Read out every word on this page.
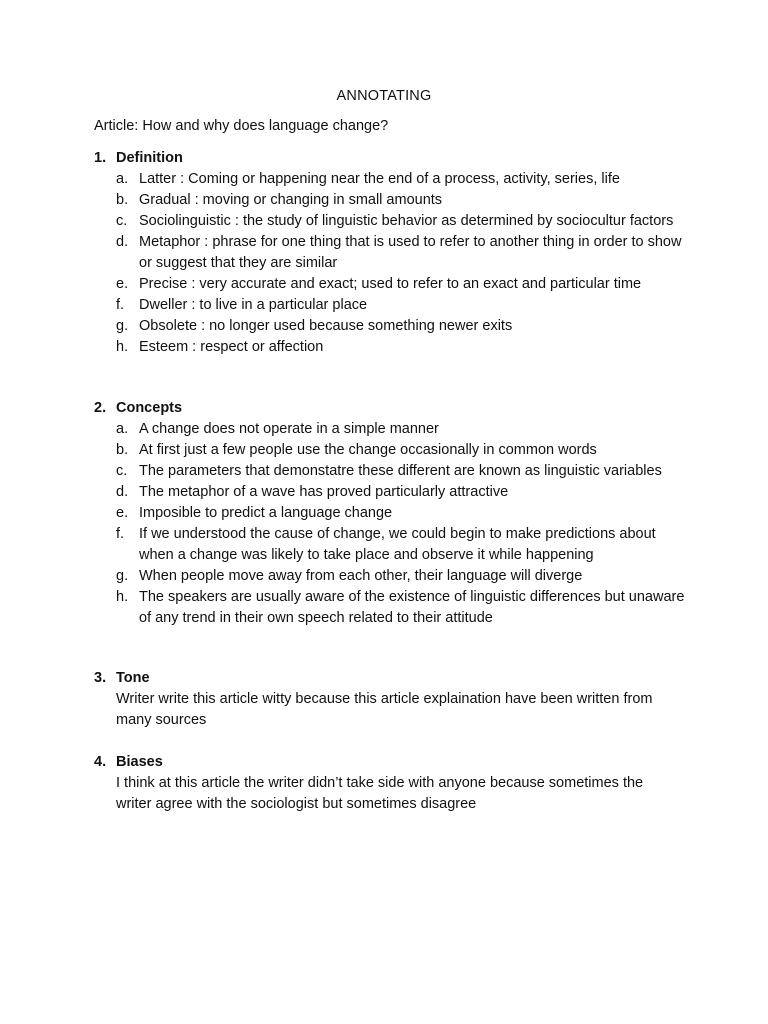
ANNOTATING
Article: How and why does language change?
1. Definition
a. Latter : Coming or happening near the end of a process, activity, series, life
b. Gradual : moving or changing in small amounts
c. Sociolinguistic : the study of linguistic behavior as determined by sociocultur factors
d. Metaphor : phrase for one thing that is used to refer to another thing in order to show or suggest that they are similar
e. Precise : very accurate and exact; used to refer to an exact and particular time
f. Dweller : to live in a particular place
g. Obsolete : no longer used because something newer exits
h. Esteem : respect or affection
2. Concepts
a. A change does not operate in a simple manner
b. At first just a few people use the change occasionally in common words
c. The parameters that demonstatre these different are known as linguistic variables
d. The metaphor of a wave has proved particularly attractive
e. Imposible to predict a language change
f. If we understood the cause of change, we could begin to make predictions about when a change was likely to take place and observe it while happening
g. When people move away from each other, their language will diverge
h. The speakers are usually aware of the existence of linguistic differences but unaware of any trend in their own speech related to their attitude
3. Tone
Writer write this article witty because this article explaination have been written from many sources
4. Biases
I think at this article the writer didn’t take side with anyone because sometimes the writer agree with the sociologist but sometimes disagree
